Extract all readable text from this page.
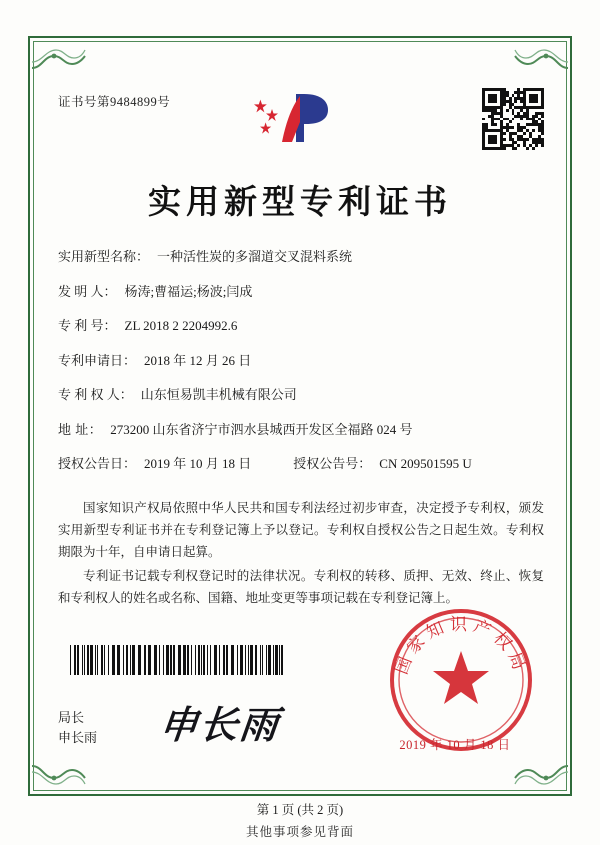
证书号第9484899号
实用新型专利证书
实用新型名称： 一种活性炭的多溜道交叉混料系统
发 明 人： 杨涛;曹福运;杨波;闫成
专 利 号： ZL 2018 2 2204992.6
专利申请日： 2018 年 12 月 26 日
专 利 权 人： 山东恒易凯丰机械有限公司
地 址： 273200 山东省济宁市泗水县城西开发区全福路 024 号
授权公告日： 2019 年 10 月 18 日	授权公告号： CN 209501595 U

国家知识产权局依照中华人民共和国专利法经过初步审查，决定授予专利权，颁发实用新型专利证书并在专利登记簿上予以登记。专利权自授权公告之日起生效。专利权期限为十年，自申请日起算。

专利证书记载专利权登记时的法律状况。专利权的转移、质押、无效、终止、恢复和专利权人的姓名或名称、国籍、地址变更等事项记载在专利登记簿上。

局长
申长雨 申长雨
国家知识产权局
2019 年 10 月 18 日
第 1 页 (共 2 页)
其他事项参见背面
